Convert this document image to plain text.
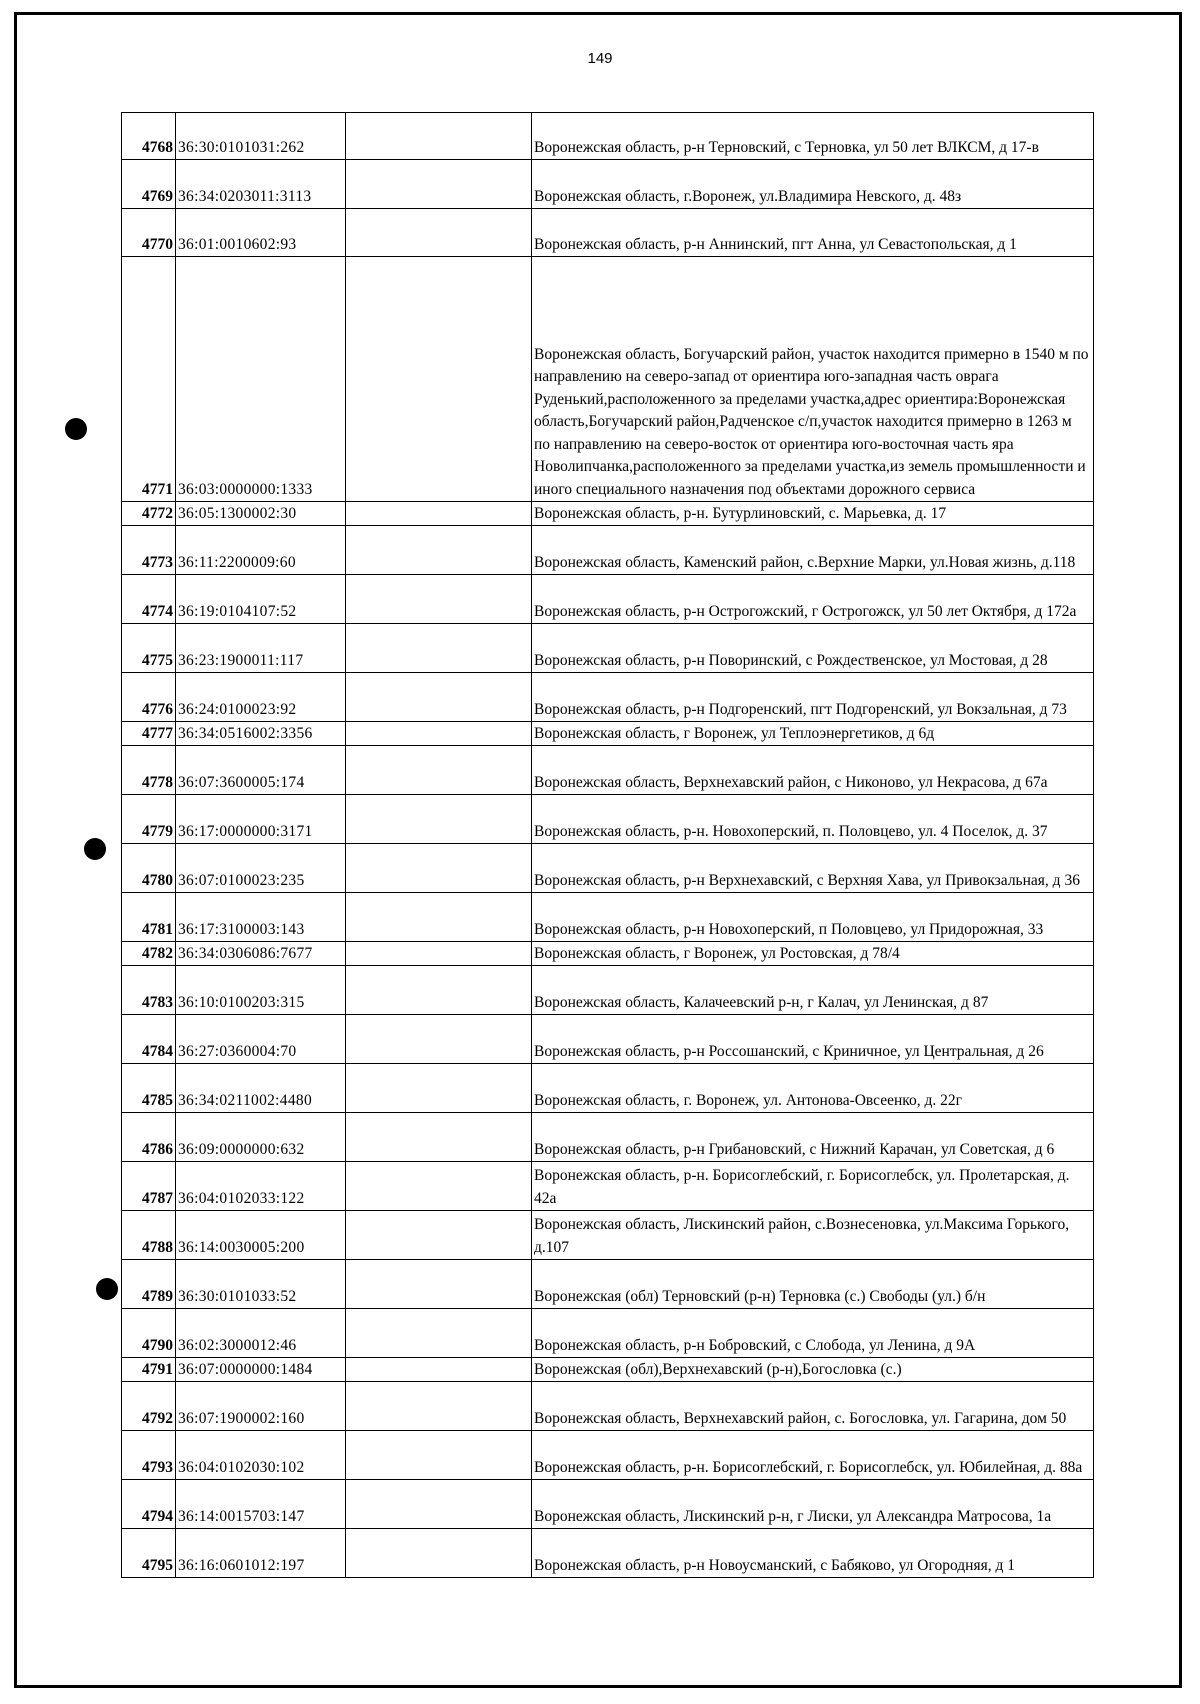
149
4768	36:30:0101031:262		Воронежская область, р-н Терновский, с Терновка, ул 50 лет ВЛКСМ, д 17-в
4769	36:34:0203011:3113		Воронежская область, г.Воронеж, ул.Владимира Невского, д. 48з
4770	36:01:0010602:93		Воронежская область, р-н Аннинский, пгт Анна, ул Севастопольская, д 1
4771	36:03:0000000:1333		Воронежская область, Богучарский район, участок находится примерно в 1540 м по направлению на северо-запад от ориентира юго-западная часть оврага Руденький,расположенного за пределами участка,адрес ориентира:Воронежская область,Богучарский район,Радченское с/п,участок находится примерно в 1263 м по направлению на северо-восток от ориентира юго-восточная часть яра Новолипчанка,расположенного за пределами участка,из земель промышленности и иного специального назначения под объектами дорожного сервиса
4772	36:05:1300002:30		Воронежская область, р-н. Бутурлиновский, с. Марьевка, д. 17
4773	36:11:2200009:60		Воронежская область, Каменский район, с.Верхние Марки, ул.Новая жизнь, д.118
4774	36:19:0104107:52		Воронежская область, р-н Острогожский, г Острогожск, ул 50 лет Октября, д 172а
4775	36:23:1900011:117		Воронежская область, р-н Поворинский, с Рождественское, ул Мостовая, д 28
4776	36:24:0100023:92		Воронежская область, р-н Подгоренский, пгт Подгоренский, ул Вокзальная, д 73
4777	36:34:0516002:3356		Воронежская область, г Воронеж, ул Теплоэнергетиков, д 6д
4778	36:07:3600005:174		Воронежская область, Верхнехавский район, с Никоново, ул Некрасова, д 67а
4779	36:17:0000000:3171		Воронежская область, р-н. Новохоперский, п. Половцево, ул. 4 Поселок, д. 37
4780	36:07:0100023:235		Воронежская область, р-н Верхнехавский, с Верхняя Хава, ул Привокзальная, д 36
4781	36:17:3100003:143		Воронежская область, р-н Новохоперский, п Половцево, ул Придорожная, 33
4782	36:34:0306086:7677		Воронежская область, г Воронеж, ул Ростовская, д 78/4
4783	36:10:0100203:315		Воронежская область, Калачеевский р-н, г Калач, ул Ленинская, д 87
4784	36:27:0360004:70		Воронежская область, р-н Россошанский, с Криничное, ул Центральная, д 26
4785	36:34:0211002:4480		Воронежская область, г. Воронеж, ул. Антонова-Овсеенко, д. 22г
4786	36:09:0000000:632		Воронежская область, р-н Грибановский, с Нижний Карачан, ул Советская, д 6
4787	36:04:0102033:122		Воронежская область, р-н. Борисоглебский, г. Борисоглебск, ул. Пролетарская, д. 42а
4788	36:14:0030005:200		Воронежская область, Лискинский район, с.Вознесеновка, ул.Максима Горького, д.107
4789	36:30:0101033:52		Воронежская (обл) Терновский (р-н) Терновка (с.) Свободы (ул.) б/н
4790	36:02:3000012:46		Воронежская область, р-н Бобровский, с Слобода, ул Ленина, д 9А
4791	36:07:0000000:1484		Воронежская (обл),Верхнехавский (р-н),Богословка (с.)
4792	36:07:1900002:160		Воронежская область, Верхнехавский район, с. Богословка, ул. Гагарина, дом 50
4793	36:04:0102030:102		Воронежская область, р-н. Борисоглебский, г. Борисоглебск, ул. Юбилейная, д. 88а
4794	36:14:0015703:147		Воронежская область, Лискинский р-н, г Лиски, ул Александра Матросова, 1а
4795	36:16:0601012:197		Воронежская область, р-н Новоусманский, с Бабяково, ул Огородняя, д 1
